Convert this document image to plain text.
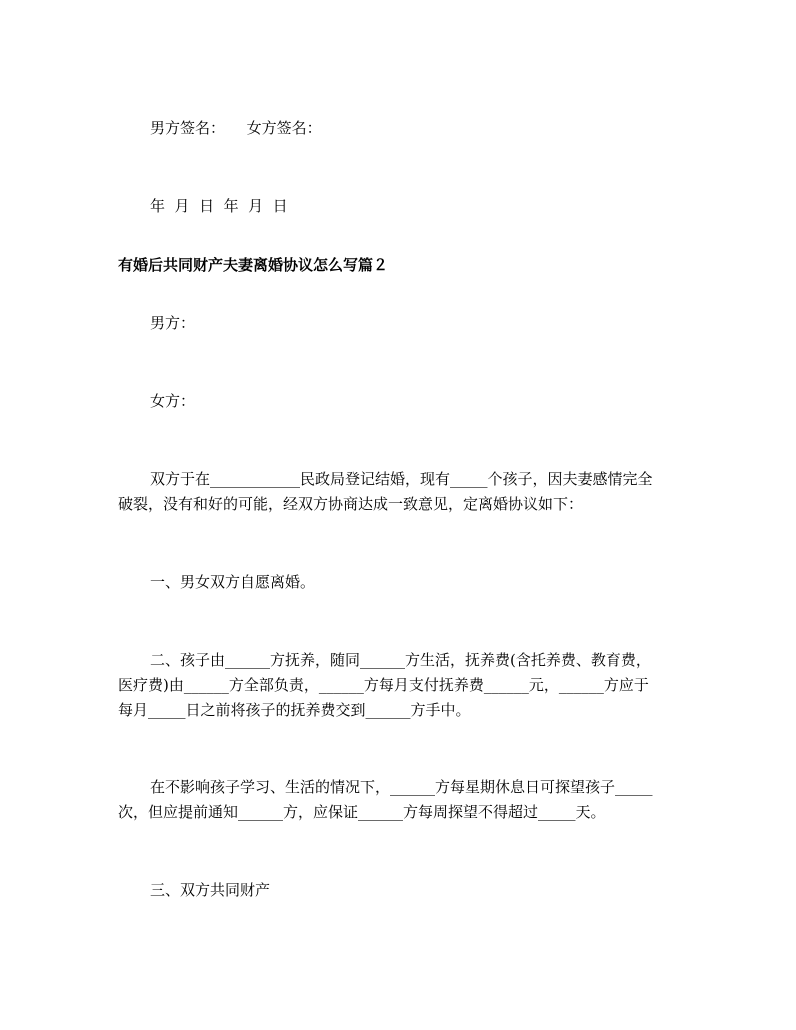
男方签名： 女方签名：
年  月  日  年  月  日
有婚后共同财产夫妻离婚协议怎么写篇２
男方：
女方：
双方于在____________民政局登记结婚，现有_____个孩子，因夫妻感情完全
破裂，没有和好的可能，经双方协商达成一致意见，定离婚协议如下：
一、男女双方自愿离婚。
二、孩子由______方抚养，随同______方生活，抚养费(含托养费、教育费，
医疗费)由______方全部负责，______方每月支付抚养费______元，______方应于
每月_____日之前将孩子的抚养费交到______方手中。
在不影响孩子学习、生活的情况下，______方每星期休息日可探望孩子_____
次，但应提前通知______方，应保证______方每周探望不得超过_____天。
三、双方共同财产
